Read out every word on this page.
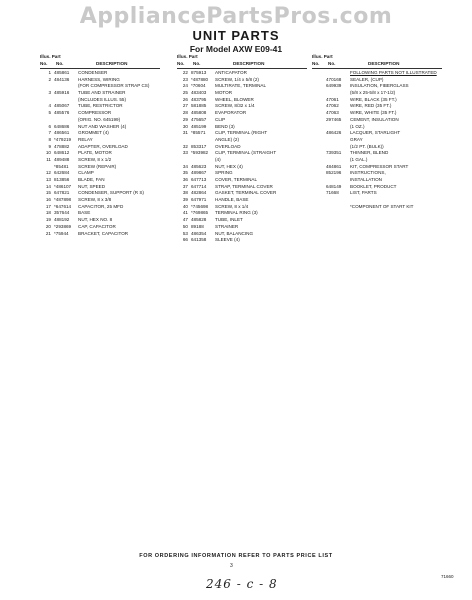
AppliancePartsPros.com
UNIT PARTS
For Model AXW E09-41
Illus. Part
No. No.	DESCRIPTION
1 485861 CONDENSER
2 484136 HARNESS, WIRING
(FOR COMPRESSOR STRAP CS)
3 485916 TUBE AND STRAINER
(INCLUDES ILLUS. 55)
4 485067 TUBE, RESTRICTOR
5 485576 COMPRESSOR
(ORIG. NO. 645199)
6 648686 NUT AND WASHER (4)
7 486561 GROMMET (4)
8 *479219 RELAY
9 478882 ADAPTER, OVERLOAD
10 648612 PLATE, MOTOR
11 489488 SCREW, 8 x 1/2
*85481 SCREW (REPAIR)
12 642684 CLAMP
13 813856 BLADE, FAN
14 *486107 NUT, SPEED
15 647821 CONDENSER, SUPPORT (R S)
16 *487898 SCREW, 8 x 3/8
17 *647614 CAPACITOR, 25 MFD
18 357644 BASE
19 488192 NUT, HEX NO. 8
20 *293869 CAP, CAPACITOR
21 *75944 BRACKET, CAPACITOR
Illus. Part
No. No.	DESCRIPTION
22 875913 ANTICAPATOR
23 *487880 SCREW, 1/4 x 5/8 (2)
24 *70604 MULTIRATE, TERMINAL
25 483403 MOTOR
26 483795 WHEEL, BLOWER
27 581885 SCREW, 8/32 x 1/4
28 485808 EVAPORATOR
29 475657 CLIP
30 485199 BEND (3)
31 *85571 CLIP, TERMINAL (RIGHT
ANGLE) (2)
32 853317 OVERLOAD
33 *593982 CLIP, TERMINAL (STRAIGHT
(4)
34 485623 NUT, HEX (4)
35 489867 SPRING
36 647713 COVER, TERMINAL
37 647714 STRAP, TERMINAL COVER
38 482864 GASKET, TERMINAL COVER
39 647971 HANDLE, BASE
40 *745698 SCREW, 8 x 1/4
41 *769865 TERMINAL RING (3)
47 485828 TUBE, INLET
50 89188 STRAINER
53 486354 NUT, BALANCING
66 641358 SLEEVE (4)
Illus. Part
No. No.	DESCRIPTION
FOLLOWING PARTS NOT ILLUSTRATED
470168 SEALER, (CUP)
649939 INSULATION, FIBERGLASS
(5/8 x 25-5/8 x 17-1/2)
47061 WIRE, BLACK (35 FT.)
47062 WIRE, RED (35 FT.)
47063 WIRE, WHITE (35 FT.)
297465 CEMENT, INSULATION
(1 OZ.)
486426 LACQUER, STARLIGHT
GRAY
(1/2 PT. (BULK))
739351 THINNER, BLEND
(1 GAL.)
484861 KIT, COMPRESSOR START
852196 INSTRUCTIONS,
INSTALLATION
648149 BOOKLET, PRODUCT
71668 LIST, PARTS
*COMPONENT OF START KIT
FOR ORDERING INFORMATION REFER TO PARTS PRICE LIST
3
71660
246 - c - 8
